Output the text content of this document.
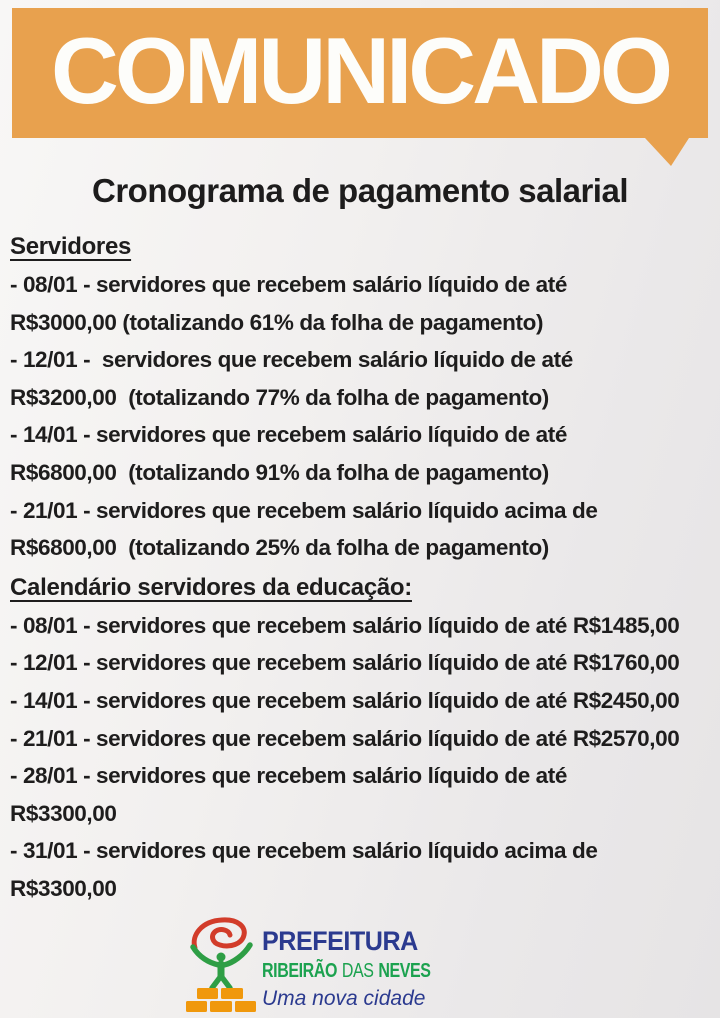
COMUNICADO
Cronograma de pagamento salarial
Servidores
- 08/01 - servidores que recebem salário líquido de até
R$3000,00 (totalizando 61% da folha de pagamento)
- 12/01 -  servidores que recebem salário líquido de até
R$3200,00  (totalizando 77% da folha de pagamento)
- 14/01 - servidores que recebem salário líquido de até
R$6800,00  (totalizando 91% da folha de pagamento)
- 21/01 - servidores que recebem salário líquido acima de
R$6800,00  (totalizando 25% da folha de pagamento)
Calendário servidores da educação:
- 08/01 - servidores que recebem salário líquido de até R$1485,00
- 12/01 - servidores que recebem salário líquido de até R$1760,00
- 14/01 - servidores que recebem salário líquido de até R$2450,00
- 21/01 - servidores que recebem salário líquido de até R$2570,00
- 28/01 - servidores que recebem salário líquido de até
R$3300,00
- 31/01 - servidores que recebem salário líquido acima de
R$3300,00
PREFEITURA
RIBEIRÃO DAS NEVES
Uma nova cidade
